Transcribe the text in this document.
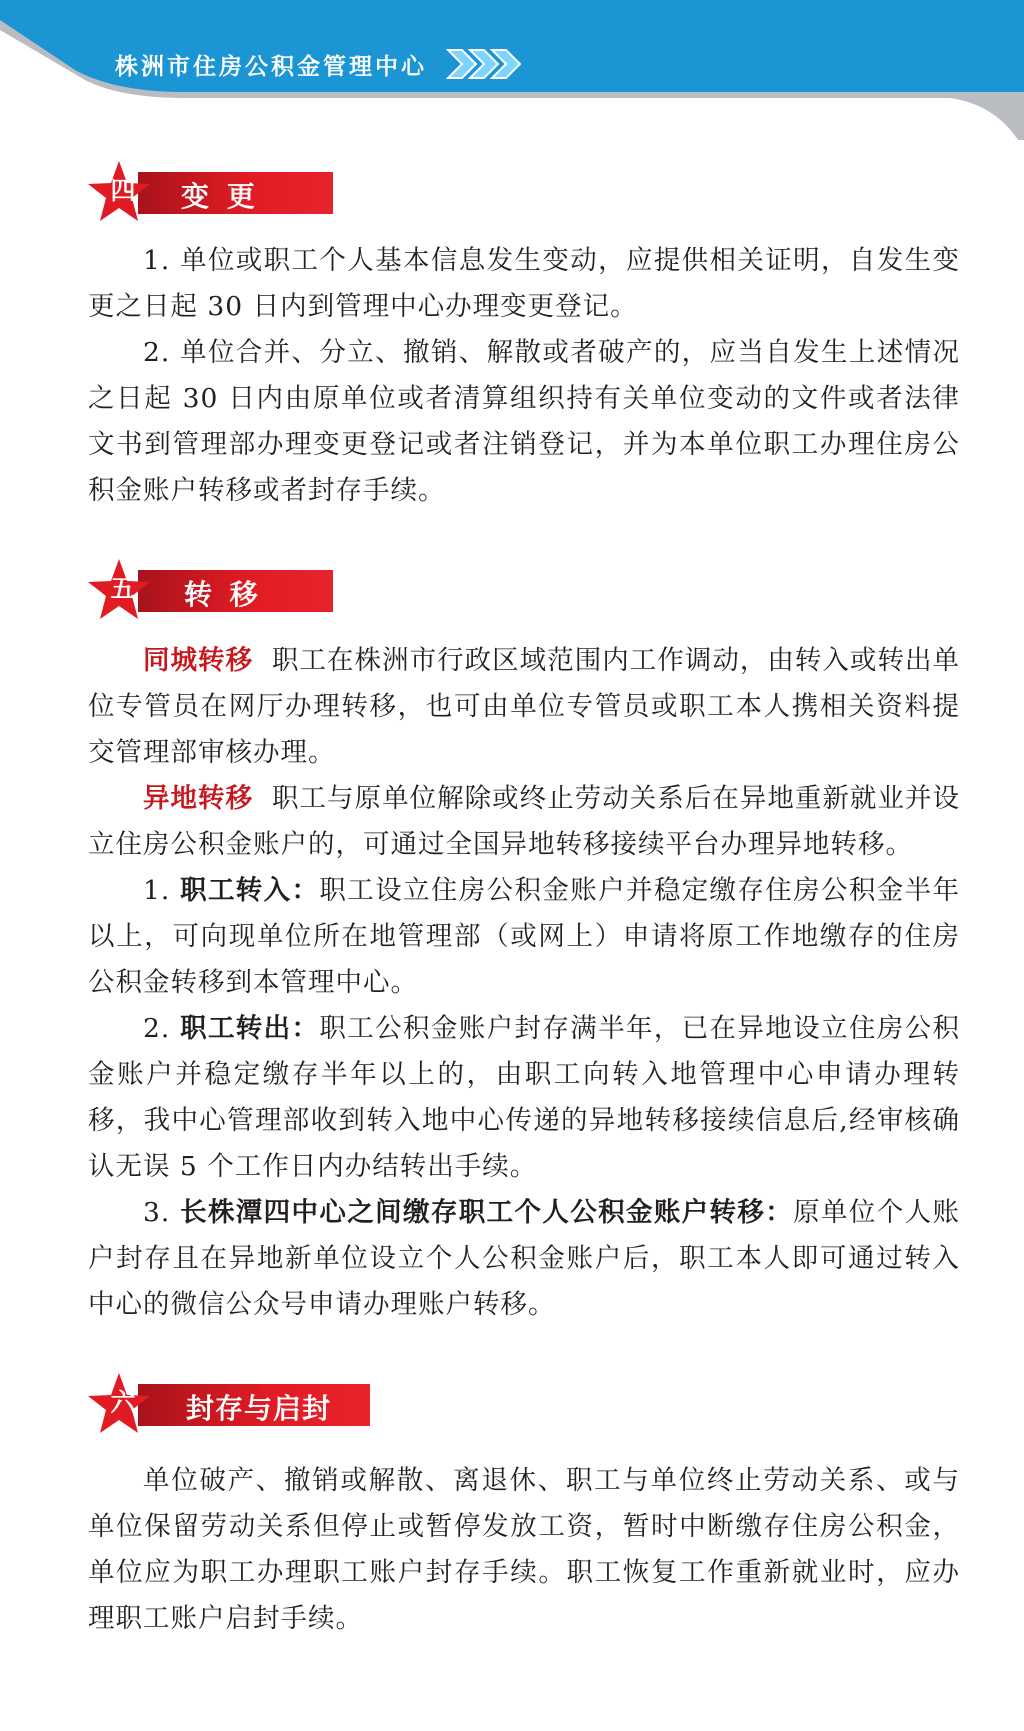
株洲市住房公积金管理中心
四 变 更

1. 单位或职工个人基本信息发生变动，应提供相关证明，自发生变更之日起 30 日内到管理中心办理变更登记。

2. 单位合并、分立、撤销、解散或者破产的，应当自发生上述情况之日起 30 日内由原单位或者清算组织持有关单位变动的文件或者法律文书到管理部办理变更登记或者注销登记，并为本单位职工办理住房公积金账户转移或者封存手续。

五 转 移

同城转移 职工在株洲市行政区域范围内工作调动，由转入或转出单位专管员在网厅办理转移，也可由单位专管员或职工本人携相关资料提交管理部审核办理。

异地转移 职工与原单位解除或终止劳动关系后在异地重新就业并设立住房公积金账户的，可通过全国异地转移接续平台办理异地转移。

1. 职工转入：职工设立住房公积金账户并稳定缴存住房公积金半年以上，可向现单位所在地管理部（或网上）申请将原工作地缴存的住房公积金转移到本管理中心。

2. 职工转出：职工公积金账户封存满半年，已在异地设立住房公积金账户并稳定缴存半年以上的，由职工向转入地管理中心申请办理转移，我中心管理部收到转入地中心传递的异地转移接续信息后,经审核确认无误 5 个工作日内办结转出手续。

3. 长株潭四中心之间缴存职工个人公积金账户转移：原单位个人账户封存且在异地新单位设立个人公积金账户后，职工本人即可通过转入中心的微信公众号申请办理账户转移。

六 封存与启封

单位破产、撤销或解散、离退休、职工与单位终止劳动关系、或与单位保留劳动关系但停止或暂停发放工资，暂时中断缴存住房公积金，单位应为职工办理职工账户封存手续。职工恢复工作重新就业时，应办理职工账户启封手续。
